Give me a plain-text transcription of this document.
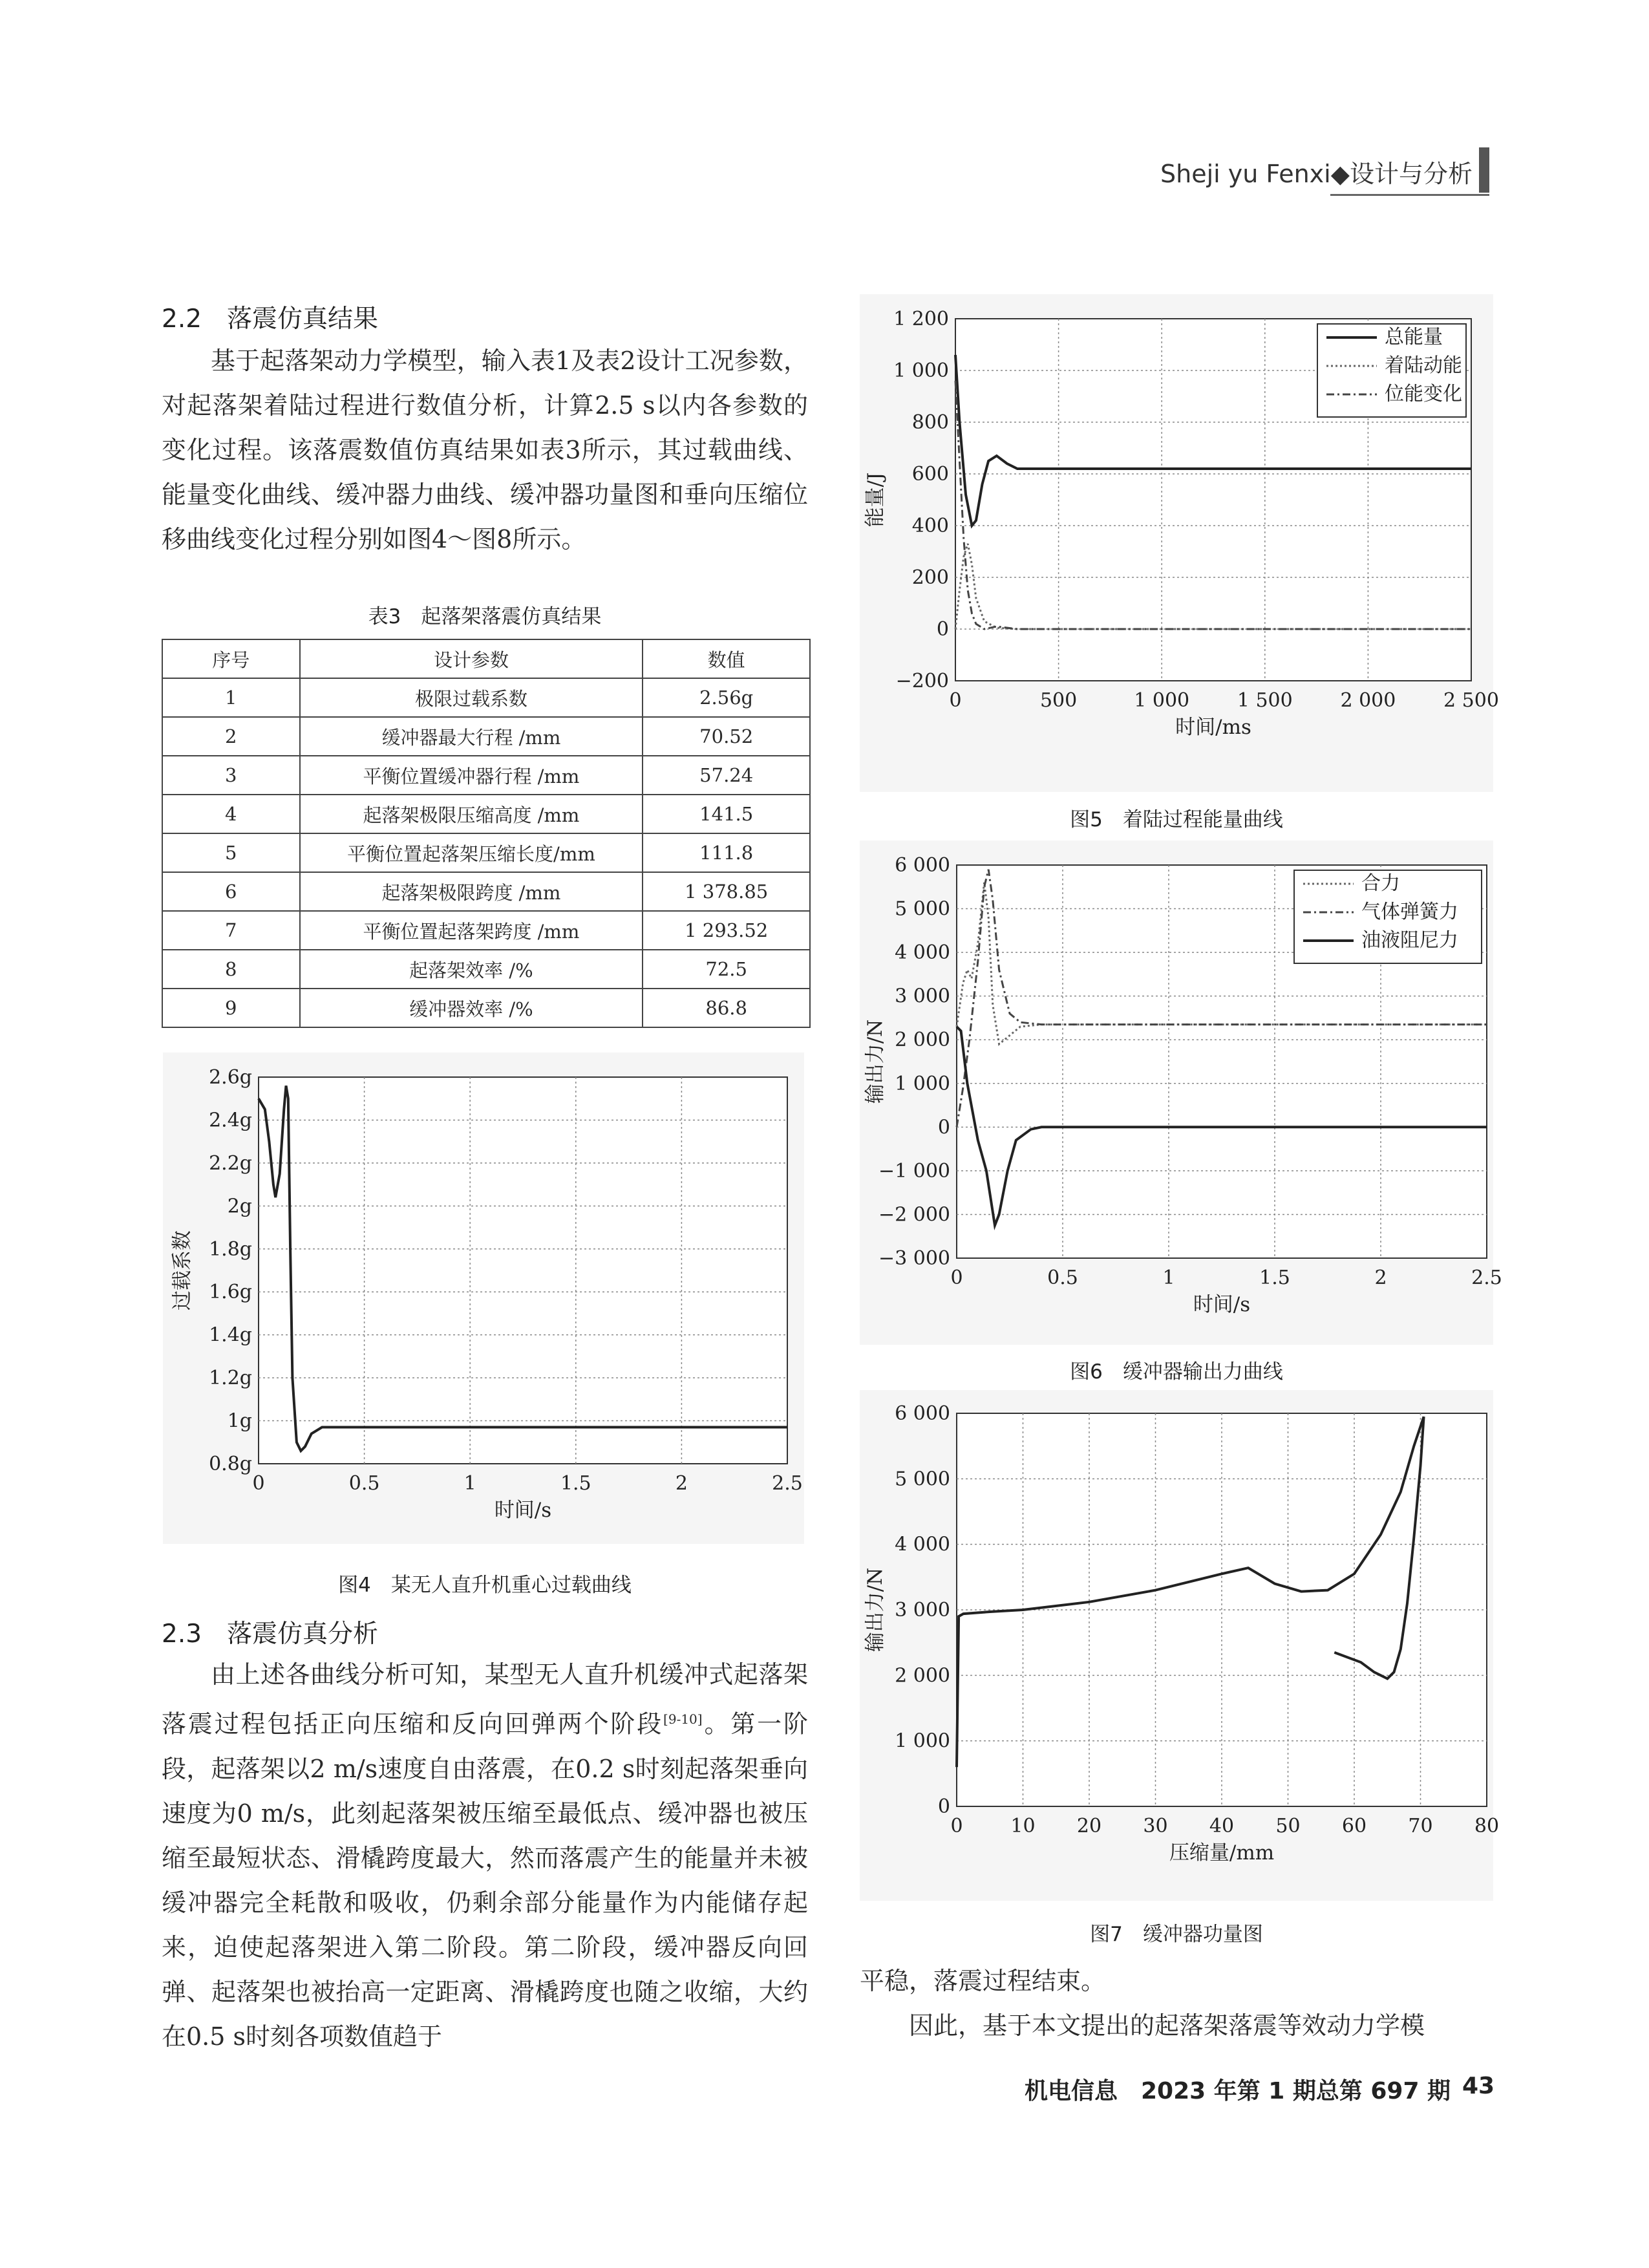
Sheji yu Fenxi◆设计与分析
2.2　落震仿真结果

基于起落架动力学模型，输入表1及表2设计工况参数，对起落架着陆过程进行数值分析，计算2.5 s以内各参数的变化过程。该落震数值仿真结果如表3所示，其过载曲线、能量变化曲线、缓冲器力曲线、缓冲器功量图和垂向压缩位移曲线变化过程分别如图4～图8所示。

表3　起落架落震仿真结果
序号	设计参数	数值
1	极限过载系数	2.56g
2	缓冲器最大行程 /mm	70.52
3	平衡位置缓冲器行程 /mm	57.24
4	起落架极限压缩高度 /mm	141.5
5	平衡位置起落架压缩长度/mm	111.8
6	起落架极限跨度 /mm	1 378.85
7	平衡位置起落架跨度 /mm	1 293.52
8	起落架效率 /%	72.5
9	缓冲器效率 /%	86.8
0	0.5	1	1.5	2	2.5
0.8g
1g
1.2g
1.4g
1.6g
1.8g
2g
2.2g
2.4g
2.6g
时间/s
过载系数
图4　某无人直升机重心过载曲线
2.3　落震仿真分析

由上述各曲线分析可知，某型无人直升机缓冲式起落架落震过程包括正向压缩和反向回弹两个阶段[9-10]。第一阶段，起落架以2 m/s速度自由落震，在0.2 s时刻起落架垂向速度为0 m/s，此刻起落架被压缩至最低点、缓冲器也被压缩至最短状态、滑橇跨度最大，然而落震产生的能量并未被缓冲器完全耗散和吸收，仍剩余部分能量作为内能储存起来，迫使起落架进入第二阶段。第二阶段，缓冲器反向回弹、起落架也被抬高一定距离、滑橇跨度也随之收缩，大约在0.5 s时刻各项数值趋于

0	500	1 000 1 500 2 000 2 500
−200
0
200
400
600
800
1 000
1 200
时间/ms
能量/J
总能量
着陆动能
位能变化
图5　着陆过程能量曲线
0	0.5	1	1.5	2	2.5
−3 000
−2 000
−1 000
0
1 000
2 000
3 000
4 000
5 000
6 000
时间/s
输出力/N
合力
气体弹簧力
油液阻尼力
图6　缓冲器输出力曲线
0 10 20 30 40 50 60 70 80
0
1 000
2 000
3 000
4 000
5 000
6 000
压缩量/mm
输出力/N
图7　缓冲器功量图

平稳，落震过程结束。

因此，基于本文提出的起落架落震等效动力学模

机电信息　2023 年第 1 期总第 697 期 43
